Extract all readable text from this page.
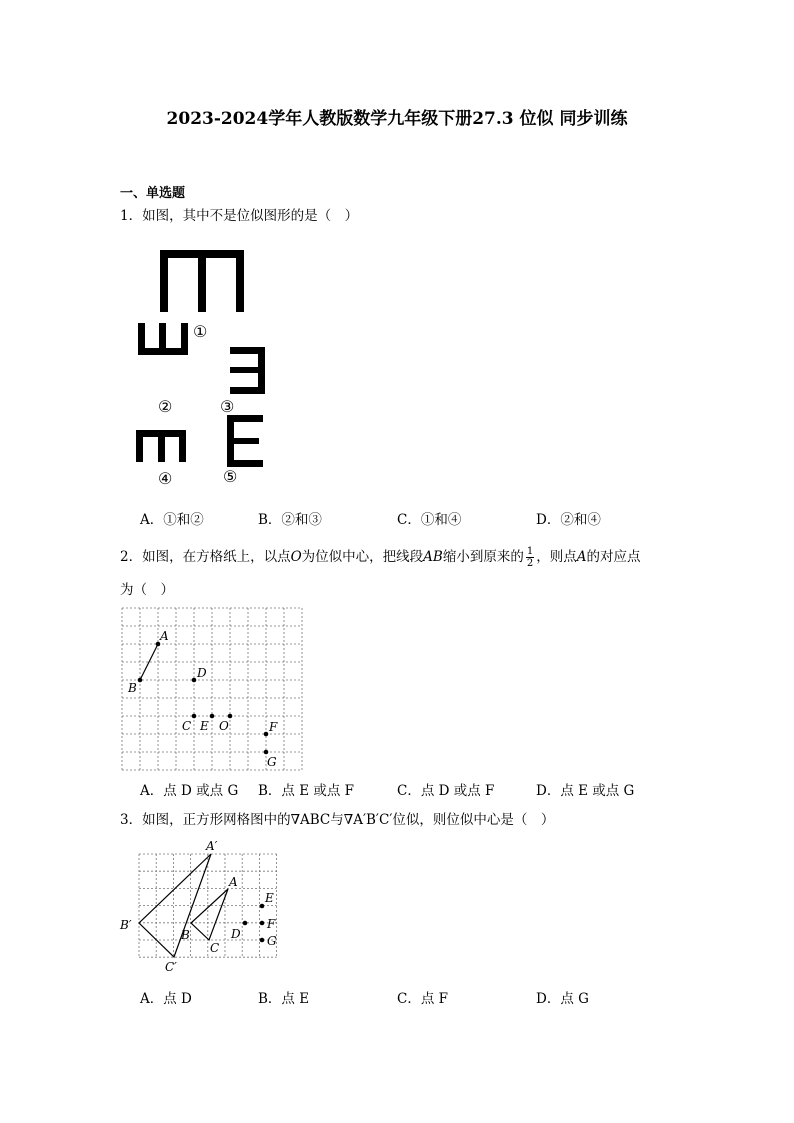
2023-2024学年人教版数学九年级下册27.3 位似 同步训练
一、单选题
1．如图，其中不是位似图形的是（　）
①
②	③
④	⑤
A．①和②	B．②和③	C．①和④	D．②和④
2．如图，在方格纸上，以点O为位似中心，把线段AB缩小到原来的 $\frac{1}{2}$ ，则点A的对应点
为（　）
A
B
D
C E O	F
G
A．点 D 或点 G B．点 E 或点 F	C．点 D 或点 F	D．点 E 或点 G
3．如图，正方形网格图中的∇ABC与∇A′B′C′位似，则位似中心是（　）
A′
A
E
B′
D
F
B	G
C
C′
A．点 D	B．点 E	C．点 F	D．点 G
